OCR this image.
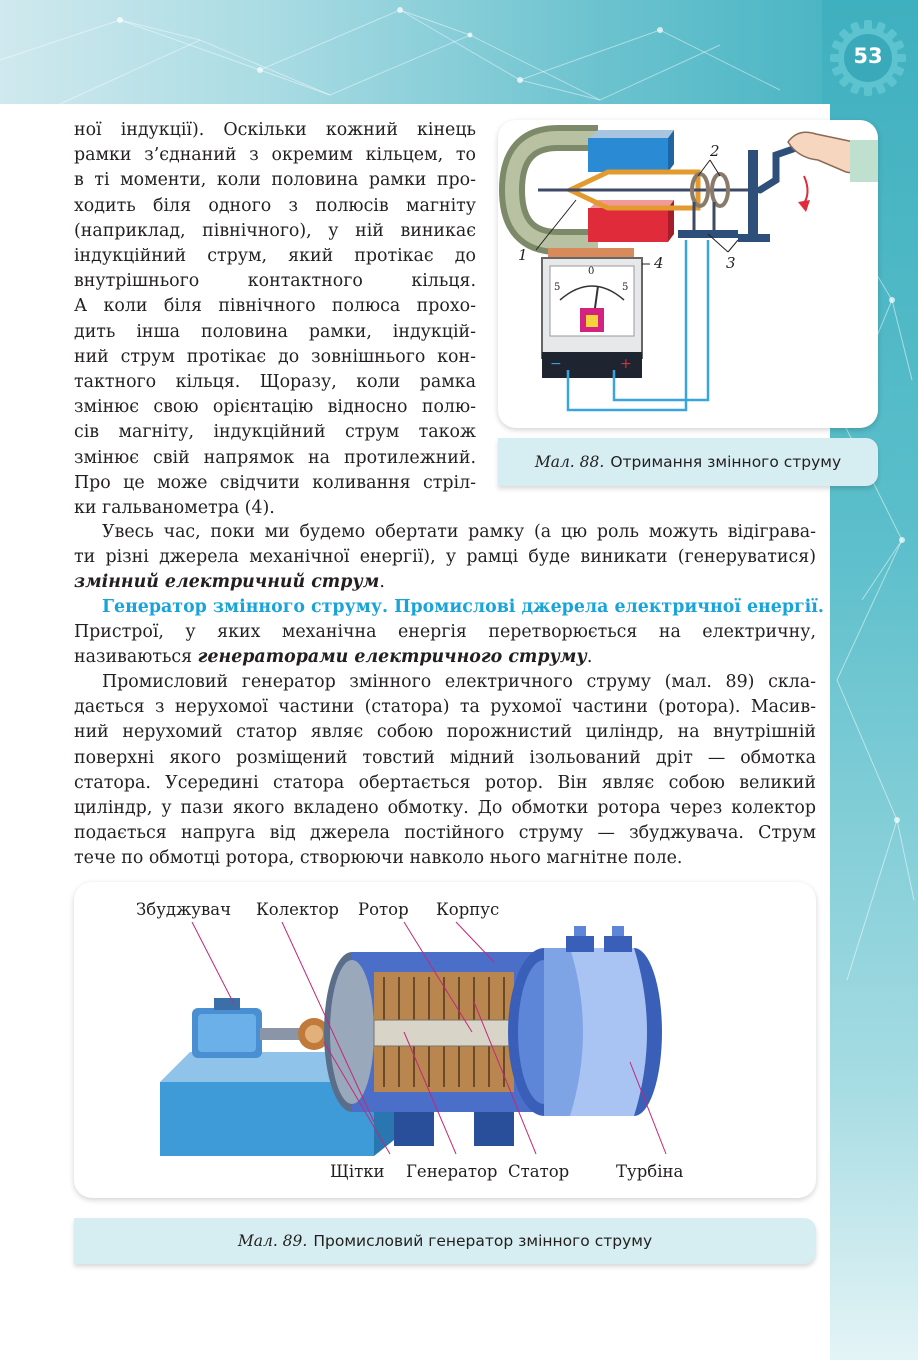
53
ної індукції). Оскільки кожний кінець
рамки з’єднаний з окремим кільцем, то
в ті моменти, коли половина рамки про-
ходить біля одного з полюсів магніту
(наприклад, північного), у ній виникає
індукційний струм, який протікає до
внутрішнього контактного кільця.
А коли біля північного полюса прохо-
дить інша половина рамки, індукцій-
ний струм протікає до зовнішнього кон-
тактного кільця. Щоразу, коли рамка
змінює свою орієнтацію відносно полю-
сів магніту, індукційний струм також
змінює свій напрямок на протилежний.
Про це може свідчити коливання стріл-
ки гальванометра (4).
1
2
3
4
5
0
5
−	+
Мал. 88. Отримання змінного струму
Увесь час, поки ми будемо обертати рамку (а цю роль можуть відіграва-
ти різні джерела механічної енергії), у рамці буде виникати (генеруватися)
змінний електричний струм.
Генератор змінного струму. Промислові джерела електричної енергії.
Пристрої, у яких механічна енергія перетворюється на електричну,
називаються генераторами електричного струму.
Промисловий генератор змінного електричного струму (мал. 89) скла-
дається з нерухомої частини (статора) та рухомої частини (ротора). Масив-
ний нерухомий статор являє собою порожнистий циліндр, на внутрішній
поверхні якого розміщений товстий мідний ізольований дріт — обмотка
статора. Усередині статора обертається ротор. Він являє собою великий
циліндр, у пази якого вкладено обмотку. До обмотки ротора через колектор
подається напруга від джерела постійного струму — збуджувача. Струм
тече по обмотці ротора, створюючи навколо нього магнітне поле.
Збуджувач Колектор Ротор Корпус
Щітки Генератор Статор	Турбіна
Мал. 89. Промисловий генератор змінного струму
